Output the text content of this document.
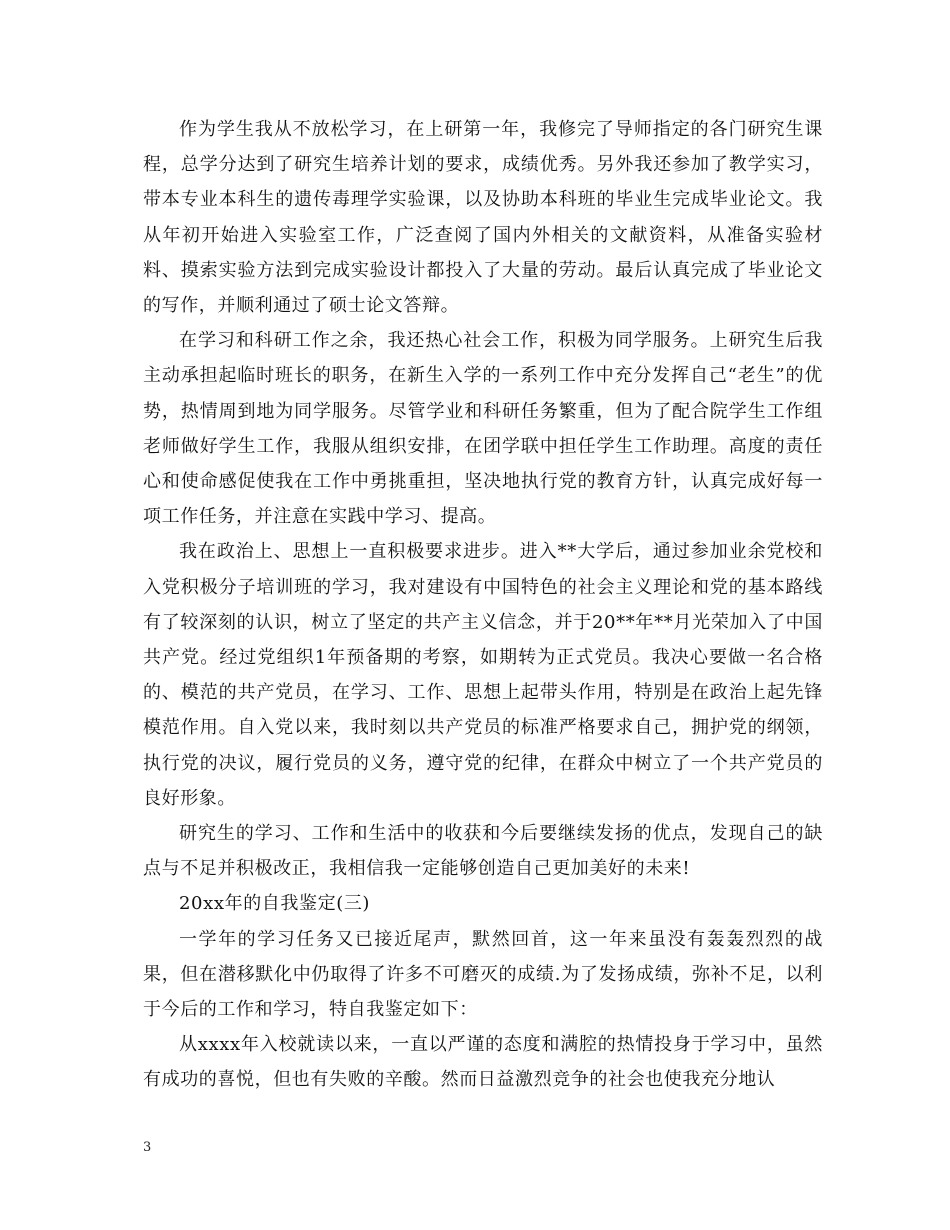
作为学生我从不放松学习，在上研第一年，我修完了导师指定的各门研究生课程，总学分达到了研究生培养计划的要求，成绩优秀。另外我还参加了教学实习，带本专业本科生的遗传毒理学实验课，以及协助本科班的毕业生完成毕业论文。我从年初开始进入实验室工作，广泛查阅了国内外相关的文献资料，从准备实验材料、摸索实验方法到完成实验设计都投入了大量的劳动。最后认真完成了毕业论文的写作，并顺利通过了硕士论文答辩。

在学习和科研工作之余，我还热心社会工作，积极为同学服务。上研究生后我主动承担起临时班长的职务，在新生入学的一系列工作中充分发挥自己“老生”的优势，热情周到地为同学服务。尽管学业和科研任务繁重，但为了配合院学生工作组老师做好学生工作，我服从组织安排，在团学联中担任学生工作助理。高度的责任心和使命感促使我在工作中勇挑重担，坚决地执行党的教育方针，认真完成好每一项工作任务，并注意在实践中学习、提高。

我在政治上、思想上一直积极要求进步。进入**大学后，通过参加业余党校和入党积极分子培训班的学习，我对建设有中国特色的社会主义理论和党的基本路线有了较深刻的认识，树立了坚定的共产主义信念，并于20**年**月光荣加入了中国共产党。经过党组织1年预备期的考察，如期转为正式党员。我决心要做一名合格的、模范的共产党员，在学习、工作、思想上起带头作用，特别是在政治上起先锋模范作用。自入党以来，我时刻以共产党员的标准严格要求自己，拥护党的纲领，执行党的决议，履行党员的义务，遵守党的纪律，在群众中树立了一个共产党员的良好形象。

研究生的学习、工作和生活中的收获和今后要继续发扬的优点，发现自己的缺点与不足并积极改正，我相信我一定能够创造自己更加美好的未来!

20xx年的自我鉴定(三)

一学年的学习任务又已接近尾声，默然回首，这一年来虽没有轰轰烈烈的战果，但在潜移默化中仍取得了许多不可磨灭的成绩.为了发扬成绩，弥补不足，以利于今后的工作和学习，特自我鉴定如下：

从xxxx年入校就读以来，一直以严谨的态度和满腔的热情投身于学习中，虽然有成功的喜悦，但也有失败的辛酸。然而日益激烈竞争的社会也使我充分地认

3
